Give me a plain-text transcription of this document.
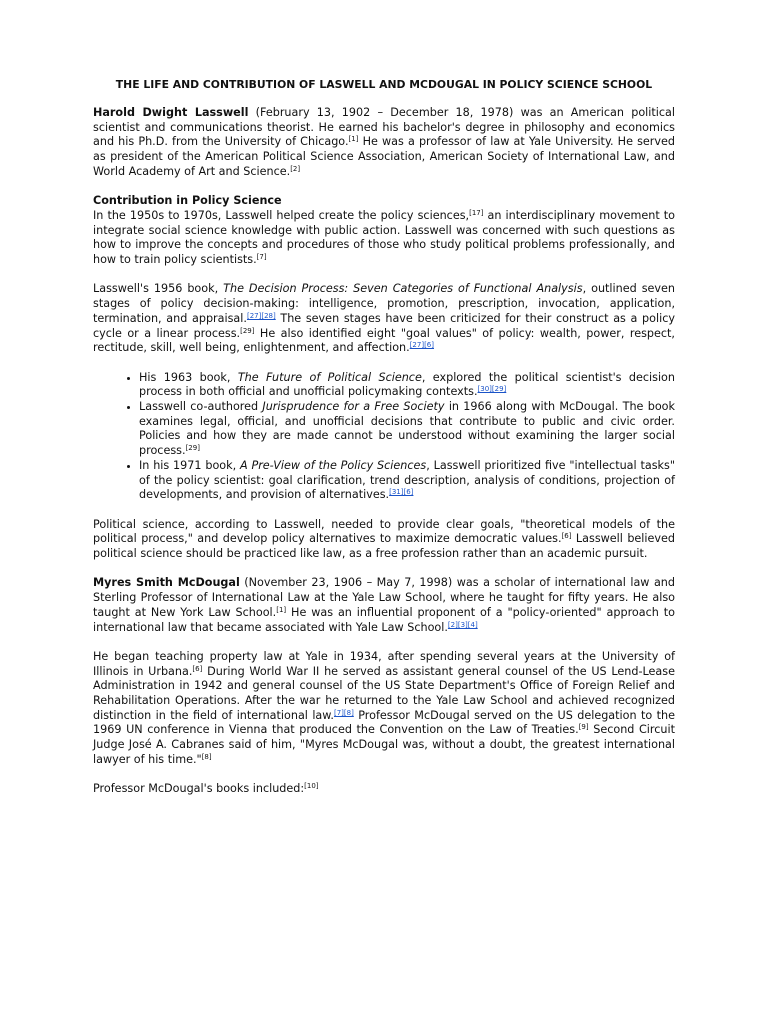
THE LIFE AND CONTRIBUTION OF LASWELL AND MCDOUGAL IN POLICY SCIENCE SCHOOL

Harold Dwight Lasswell (February 13, 1902 – December 18, 1978) was an American political scientist and communications theorist. He earned his bachelor's degree in philosophy and economics and his Ph.D. from the University of Chicago.[1] He was a professor of law at Yale University. He served as president of the American Political Science Association, American Society of International Law, and World Academy of Art and Science.[2]

Contribution in Policy Science

In the 1950s to 1970s, Lasswell helped create the policy sciences,[17] an interdisciplinary movement to integrate social science knowledge with public action. Lasswell was concerned with such questions as how to improve the concepts and procedures of those who study political problems professionally, and how to train policy scientists.[7]

Lasswell's 1956 book, The Decision Process: Seven Categories of Functional Analysis, outlined seven stages of policy decision-making: intelligence, promotion, prescription, invocation, application, termination, and appraisal.[27][28] The seven stages have been criticized for their construct as a policy cycle or a linear process.[29] He also identified eight "goal values" of policy: wealth, power, respect, rectitude, skill, well being, enlightenment, and affection.[27][6]

• His 1963 book, The Future of Political Science, explored the political scientist's decision process in both official and unofficial policymaking contexts.[30][29]
• Lasswell co-authored Jurisprudence for a Free Society in 1966 along with McDougal. The book examines legal, official, and unofficial decisions that contribute to public and civic order. Policies and how they are made cannot be understood without examining the larger social process.[29]
• In his 1971 book, A Pre-View of the Policy Sciences, Lasswell prioritized five "intellectual tasks" of the policy scientist: goal clarification, trend description, analysis of conditions, projection of developments, and provision of alternatives.[31][6]

Political science, according to Lasswell, needed to provide clear goals, "theoretical models of the political process," and develop policy alternatives to maximize democratic values.[6] Lasswell believed political science should be practiced like law, as a free profession rather than an academic pursuit.

Myres Smith McDougal (November 23, 1906 – May 7, 1998) was a scholar of international law and Sterling Professor of International Law at the Yale Law School, where he taught for fifty years. He also taught at New York Law School.[1] He was an influential proponent of a "policy-oriented" approach to international law that became associated with Yale Law School.[2][3][4]

He began teaching property law at Yale in 1934, after spending several years at the University of Illinois in Urbana.[6] During World War II he served as assistant general counsel of the US Lend-Lease Administration in 1942 and general counsel of the US State Department's Office of Foreign Relief and Rehabilitation Operations. After the war he returned to the Yale Law School and achieved recognized distinction in the field of international law.[7][8] Professor McDougal served on the US delegation to the 1969 UN conference in Vienna that produced the Convention on the Law of Treaties.[9] Second Circuit Judge José A. Cabranes said of him, "Myres McDougal was, without a doubt, the greatest international lawyer of his time."[8]

Professor McDougal's books included:[10]
